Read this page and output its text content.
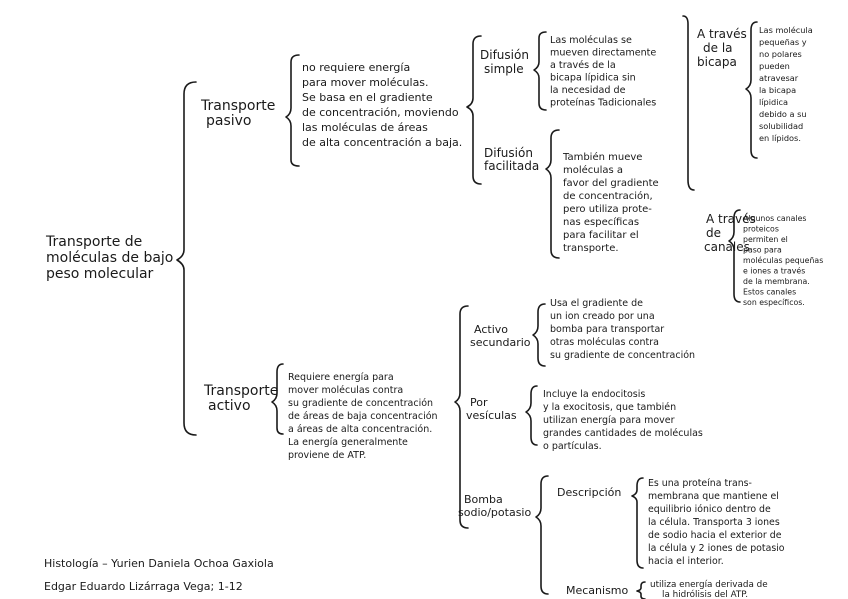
Transporte de moléculas de bajo peso molecular
Transporte pasivo
no requiere energía para mover moléculas. Se basa en el gradiente de concentración, moviendo las moléculas de áreas de alta concentración a baja.
Difusión simple
Las moléculas se mueven directamente a través de la bicapa lípidica sin la necesidad de proteínas Tadicionales
A través de la bicapa
Las molécula pequeñas y no polares pueden atravesar la bicapa lípidica debido a su solubilidad en lípidos.
Difusión facilitada
También mueve moléculas a favor del gradiente de concentración, pero utiliza prote- nas específicas para facilitar el transporte.
A través de canales
Algunos canales proteicos permiten el paso para moléculas pequeñas e iones a través de la membrana. Estos canales son específicos.
Transporte activo
Requiere energía para mover moléculas contra su gradiente de concentración de áreas de baja concentración a áreas de alta concentración. La energía generalmente proviene de ATP.
Activo secundario
Usa el gradiente de un ion creado por una bomba para transportar otras moléculas contra su gradiente de concentración
Por vesículas
Incluye la endocitosis y la exocitosis, que también utilizan energía para mover grandes cantidades de moléculas o partículas.
Bomba sodio/potasio
Descripción
Es una proteína trans- membrana que mantiene el equilibrio iónico dentro de la célula. Transporta 3 iones de sodio hacia el exterior de la célula y 2 iones de potasio hacia el interior.
Mecanismo utiliza energía derivada de la hidrólisis del ATP.
Histología – Yurien Daniela Ochoa Gaxiola
Edgar Eduardo Lizárraga Vega; 1-12
